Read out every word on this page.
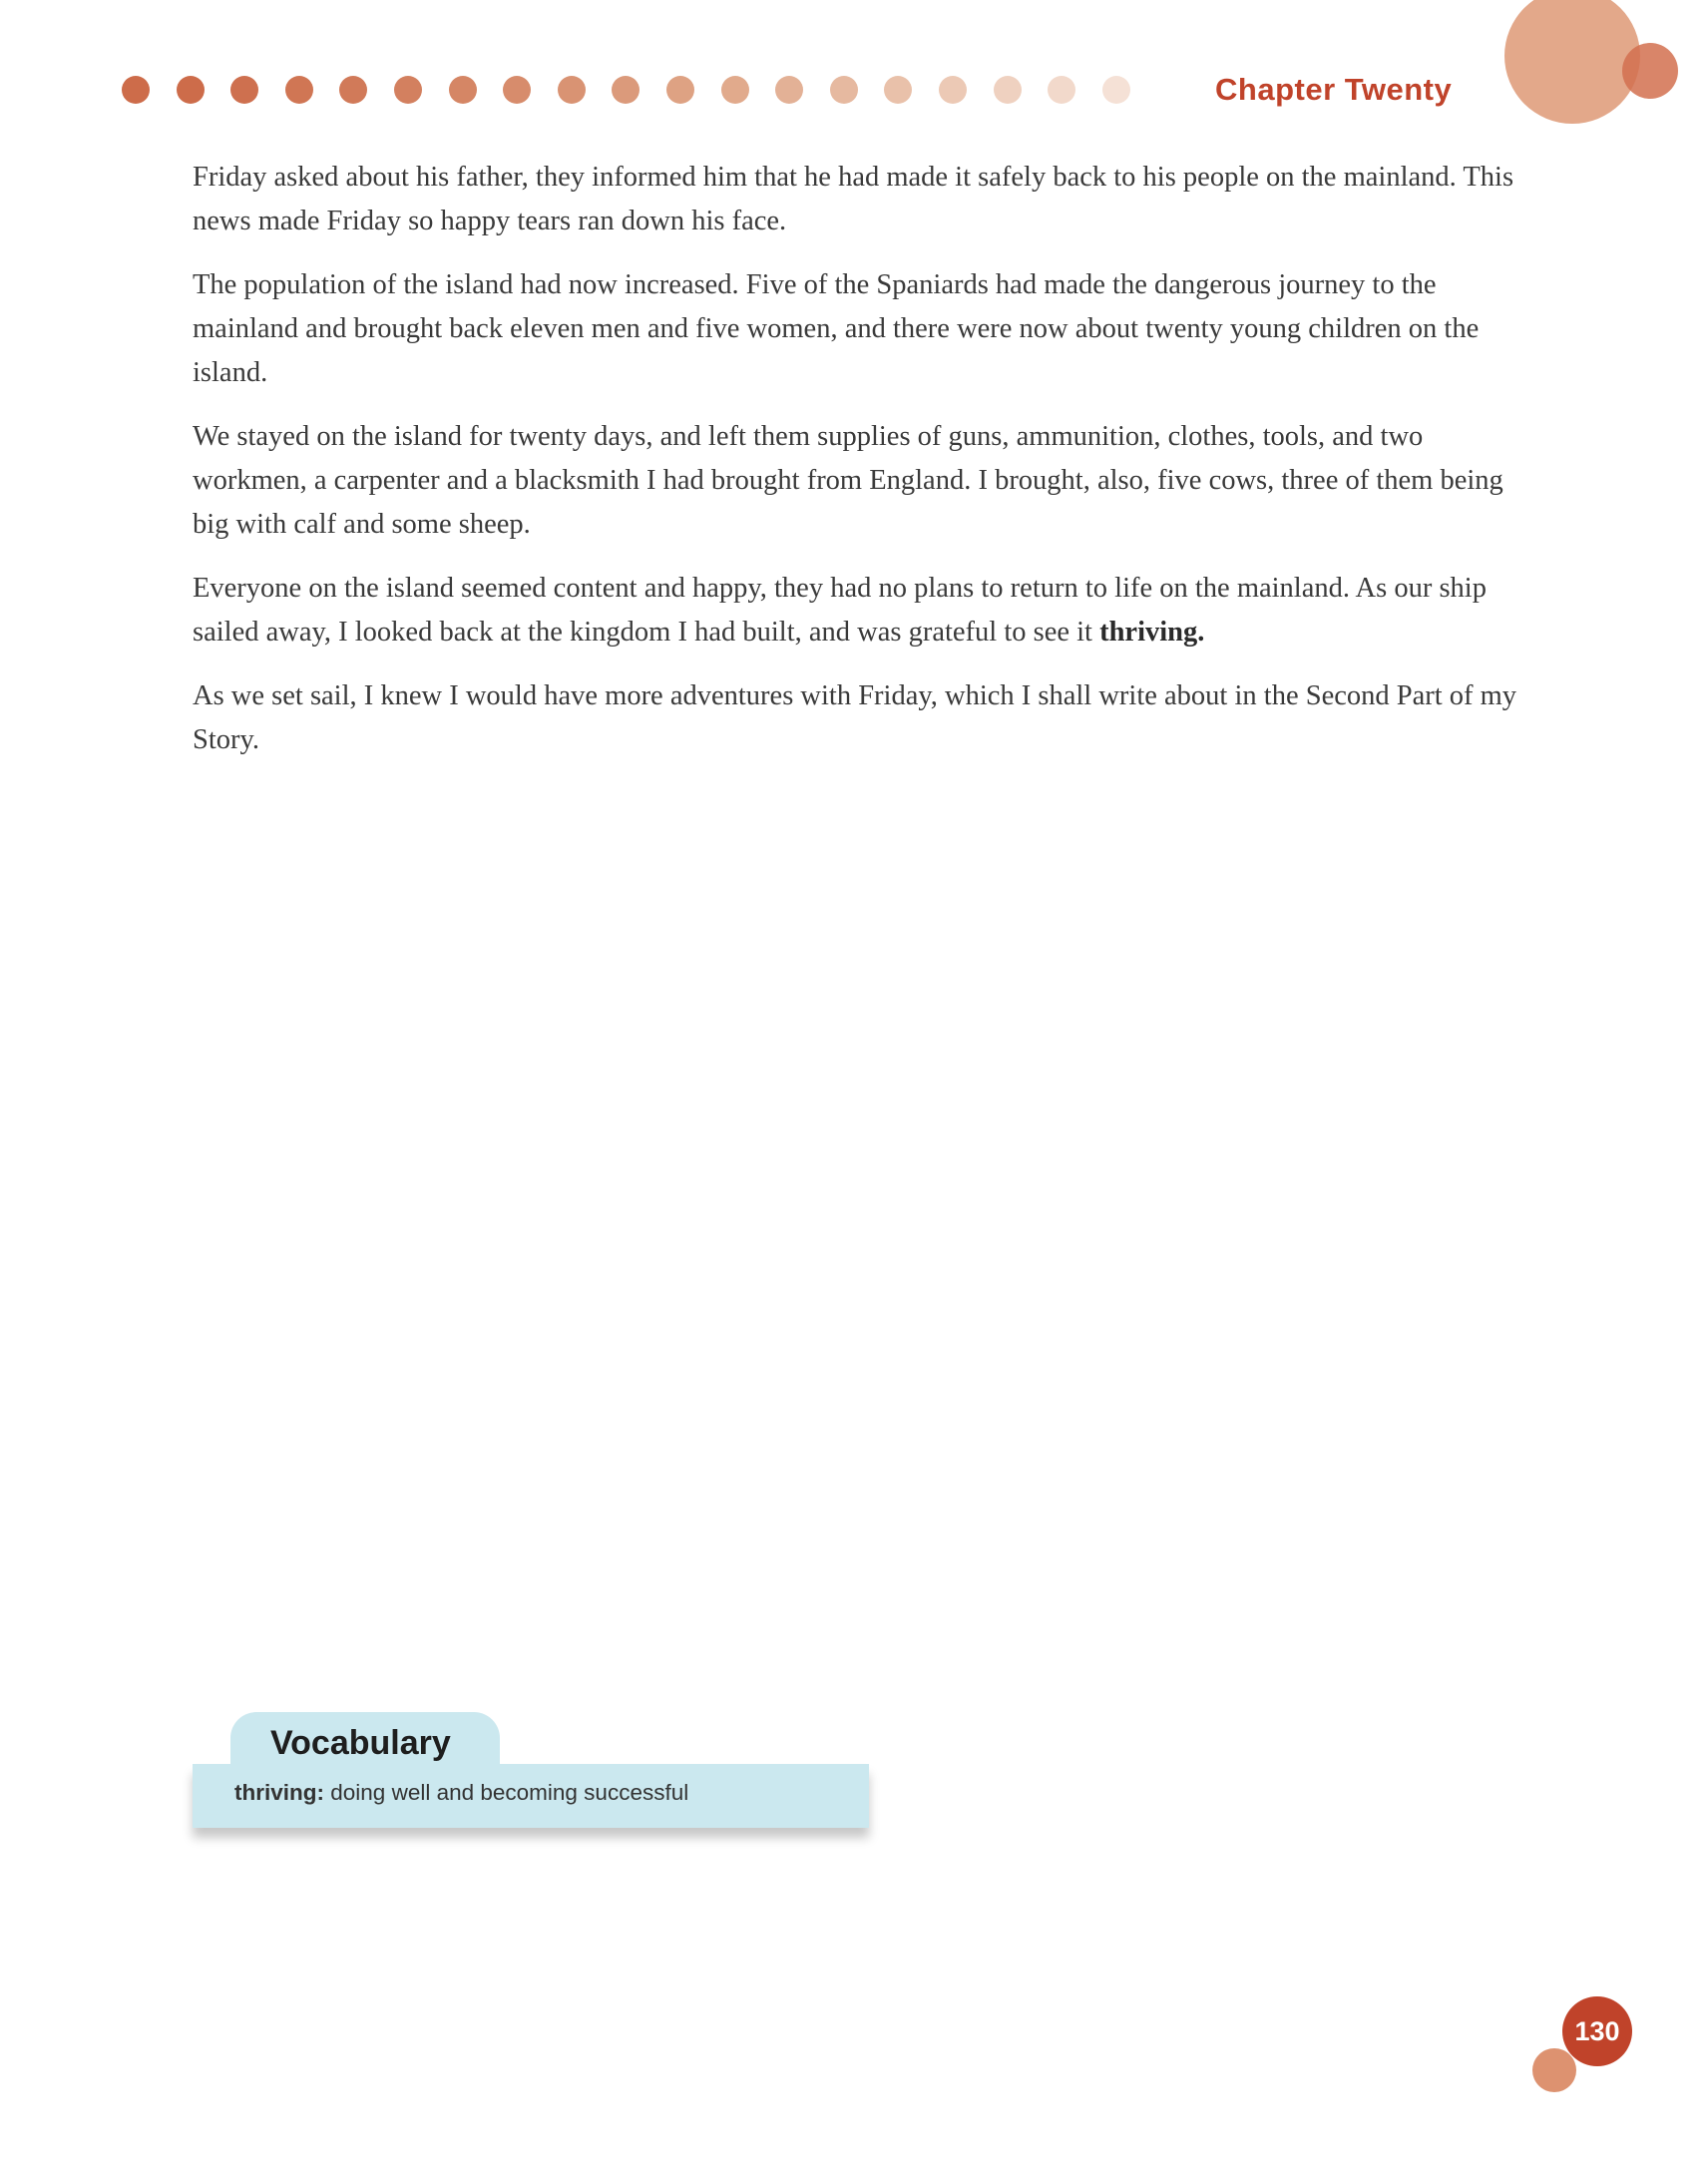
Chapter Twenty

Friday asked about his father, they informed him that he had made it safely back to his people on the mainland. This news made Friday so happy tears ran down his face.

The population of the island had now increased. Five of the Spaniards had made the dangerous journey to the mainland and brought back eleven men and five women, and there were now about twenty young children on the island.

We stayed on the island for twenty days, and left them supplies of guns, ammunition, clothes, tools, and two workmen, a carpenter and a blacksmith I had brought from England. I brought, also, five cows, three of them being big with calf and some sheep.

Everyone on the island seemed content and happy, they had no plans to return to life on the mainland. As our ship sailed away, I looked back at the kingdom I had built, and was grateful to see it thriving.

As we set sail, I knew I would have more adventures with Friday, which I shall write about in the Second Part of my Story.

Vocabulary
thriving: doing well and becoming successful
130
